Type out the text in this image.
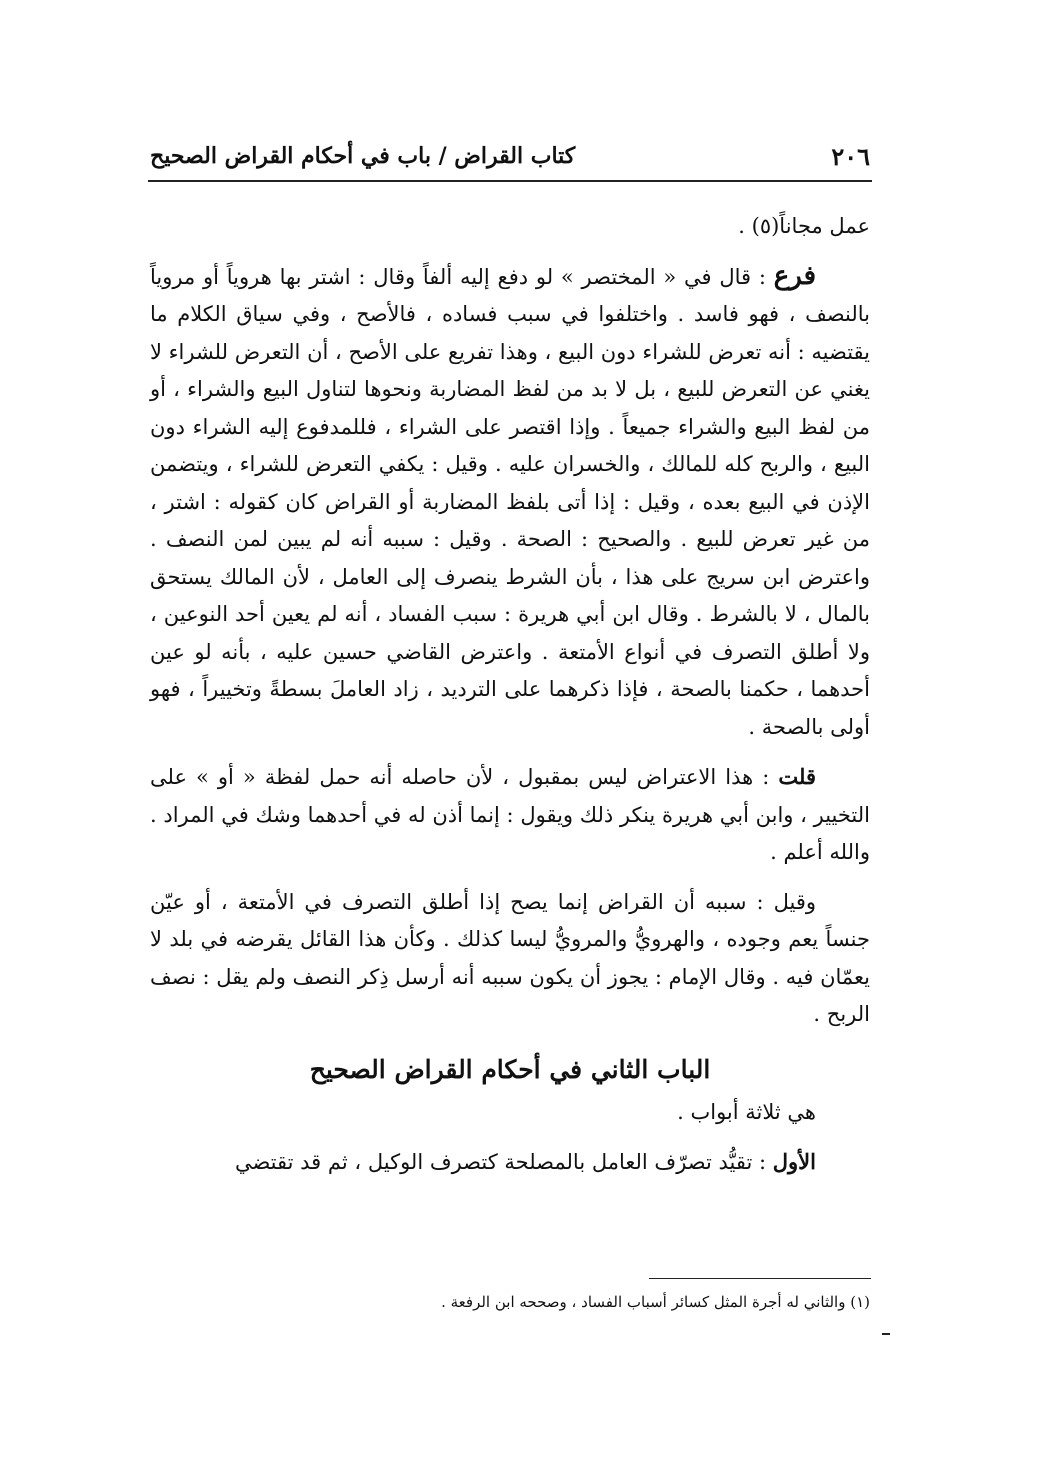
٢٠٦
كتاب القراض / باب في أحكام القراض الصحيح

عمل مجاناً(٥) .

فرع : قال في « المختصر » لو دفع إليه ألفاً وقال : اشتر بها هروياً أو مروياً بالنصف ، فهو فاسد . واختلفوا في سبب فساده ، فالأصح ، وفي سياق الكلام ما يقتضيه : أنه تعرض للشراء دون البيع ، وهذا تفريع على الأصح ، أن التعرض للشراء لا يغني عن التعرض للبيع ، بل لا بد من لفظ المضاربة ونحوها لتناول البيع والشراء ، أو من لفظ البيع والشراء جميعاً . وإذا اقتصر على الشراء ، فللمدفوع إليه الشراء دون البيع ، والربح كله للمالك ، والخسران عليه . وقيل : يكفي التعرض للشراء ، ويتضمن الإذن في البيع بعده ، وقيل : إذا أتى بلفظ المضاربة أو القراض كان كقوله : اشتر ، من غير تعرض للبيع . والصحيح : الصحة . وقيل : سببه أنه لم يبين لمن النصف . واعترض ابن سريج على هذا ، بأن الشرط ينصرف إلى العامل ، لأن المالك يستحق بالمال ، لا بالشرط . وقال ابن أبي هريرة : سبب الفساد ، أنه لم يعين أحد النوعين ، ولا أطلق التصرف في أنواع الأمتعة . واعترض القاضي حسين عليه ، بأنه لو عين أحدهما ، حكمنا بالصحة ، فإذا ذكرهما على الترديد ، زاد العاملَ بسطةً وتخييراً ، فهو أولى بالصحة .

قلت : هذا الاعتراض ليس بمقبول ، لأن حاصله أنه حمل لفظة « أو » على التخيير ، وابن أبي هريرة ينكر ذلك ويقول : إنما أذن له في أحدهما وشك في المراد . والله أعلم .

وقيل : سببه أن القراض إنما يصح إذا أطلق التصرف في الأمتعة ، أو عيّن جنساً يعم وجوده ، والهرويُّ والمرويُّ ليسا كذلك . وكأن هذا القائل يقرضه في بلد لا يعمّان فيه . وقال الإمام : يجوز أن يكون سببه أنه أرسل ذِكر النصف ولم يقل : نصف الربح .

الباب الثاني في أحكام القراض الصحيح

هي ثلاثة أبواب .

الأول : تقيُّد تصرّف العامل بالمصلحة كتصرف الوكيل ، ثم قد تقتضي

(١) والثاني له أجرة المثل كسائر أسباب الفساد ، وصححه ابن الرفعة .
